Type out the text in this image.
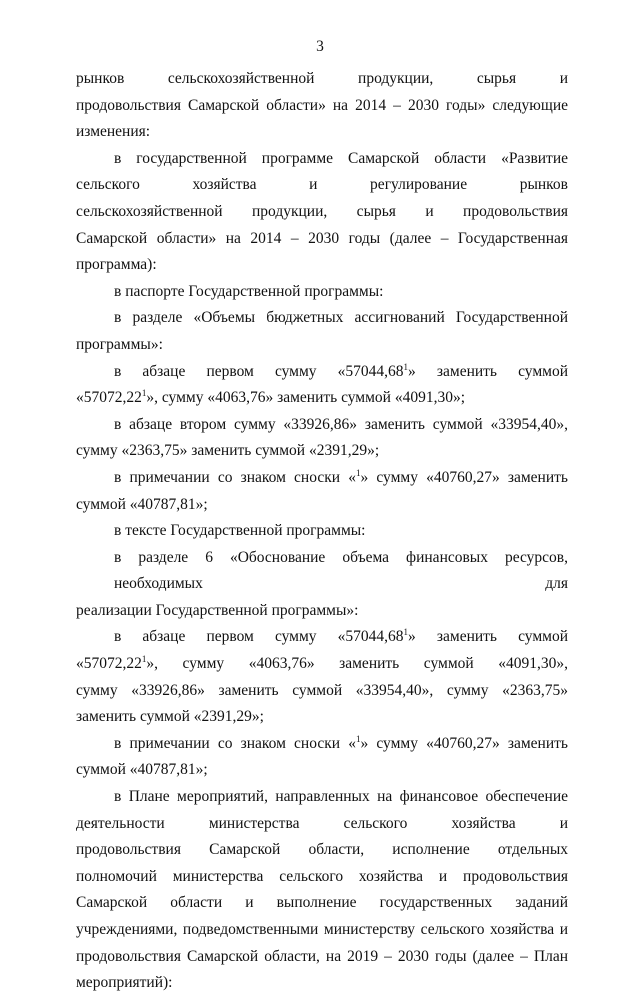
3

рынков сельскохозяйственной продукции, сырья и
продовольствия Самарской области» на 2014 – 2030 годы» следующие изменения:

в государственной программе Самарской области «Развитие
сельского хозяйства и регулирование рынков
сельскохозяйственной продукции, сырья и продовольствия
Самарской области» на 2014 – 2030 годы (далее – Государственная программа):

в паспорте Государственной программы:

в разделе «Объемы бюджетных ассигнований Государственной
программы»:

в абзаце первом сумму «57044,68$^1$» заменить суммой
«57072,22$^1$», сумму «4063,76» заменить суммой «4091,30»;

в абзаце втором сумму «33926,86» заменить суммой «33954,40»,
сумму «2363,75» заменить суммой «2391,29»;

в примечании со знаком сноски «$^1$» сумму «40760,27» заменить
суммой «40787,81»;

в тексте Государственной программы:

в разделе 6 «Обоснование объема финансовых ресурсов, необходимых для
реализации Государственной программы»:

в абзаце первом сумму «57044,68$^1$» заменить суммой
«57072,22$^1$», сумму «4063,76» заменить суммой «4091,30»,
сумму «33926,86» заменить суммой «33954,40», сумму «2363,75» заменить суммой «2391,29»;

в примечании со знаком сноски «$^1$» сумму «40760,27» заменить
суммой «40787,81»;

в Плане мероприятий, направленных на финансовое обеспечение
деятельности министерства сельского хозяйства и
продовольствия Самарской области, исполнение отдельных
полномочий министерства сельского хозяйства и продовольствия
Самарской области и выполнение государственных заданий
учреждениями, подведомственными министерству сельского хозяйства и
продовольствия Самарской области, на 2019 – 2030 годы (далее – План мероприятий):
